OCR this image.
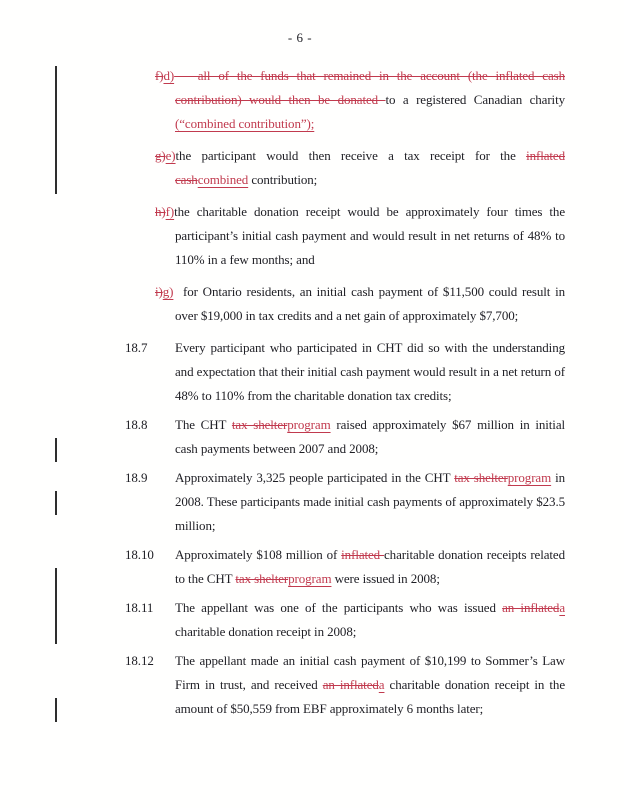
- 6 -
f)d)   all of the funds that remained in the account (the inflated cash contribution) would then be donated to a registered Canadian charity (“combined contribution”);
g)e)the participant would then receive a tax receipt for the inflated cashcombined contribution;
h)f)the charitable donation receipt would be approximately four times the participant’s initial cash payment and would result in net returns of 48% to 110% in a few months; and
i)g)  for Ontario residents, an initial cash payment of $11,500 could result in over $19,000 in tax credits and a net gain of approximately $7,700;
18.7 Every participant who participated in CHT did so with the understanding and expectation that their initial cash payment would result in a net return of 48% to 110% from the charitable donation tax credits;
18.8 The CHT tax shelterprogram raised approximately $67 million in initial cash payments between 2007 and 2008;
18.9 Approximately 3,325 people participated in the CHT tax shelterprogram in 2008. These participants made initial cash payments of approximately $23.5 million;
18.10 Approximately $108 million of inflated charitable donation receipts related to the CHT tax shelterprogram were issued in 2008;
18.11 The appellant was one of the participants who was issued an inflateda charitable donation receipt in 2008;
18.12 The appellant made an initial cash payment of $10,199 to Sommer’s Law Firm in trust, and received an inflateda charitable donation receipt in the amount of $50,559 from EBF approximately 6 months later;
